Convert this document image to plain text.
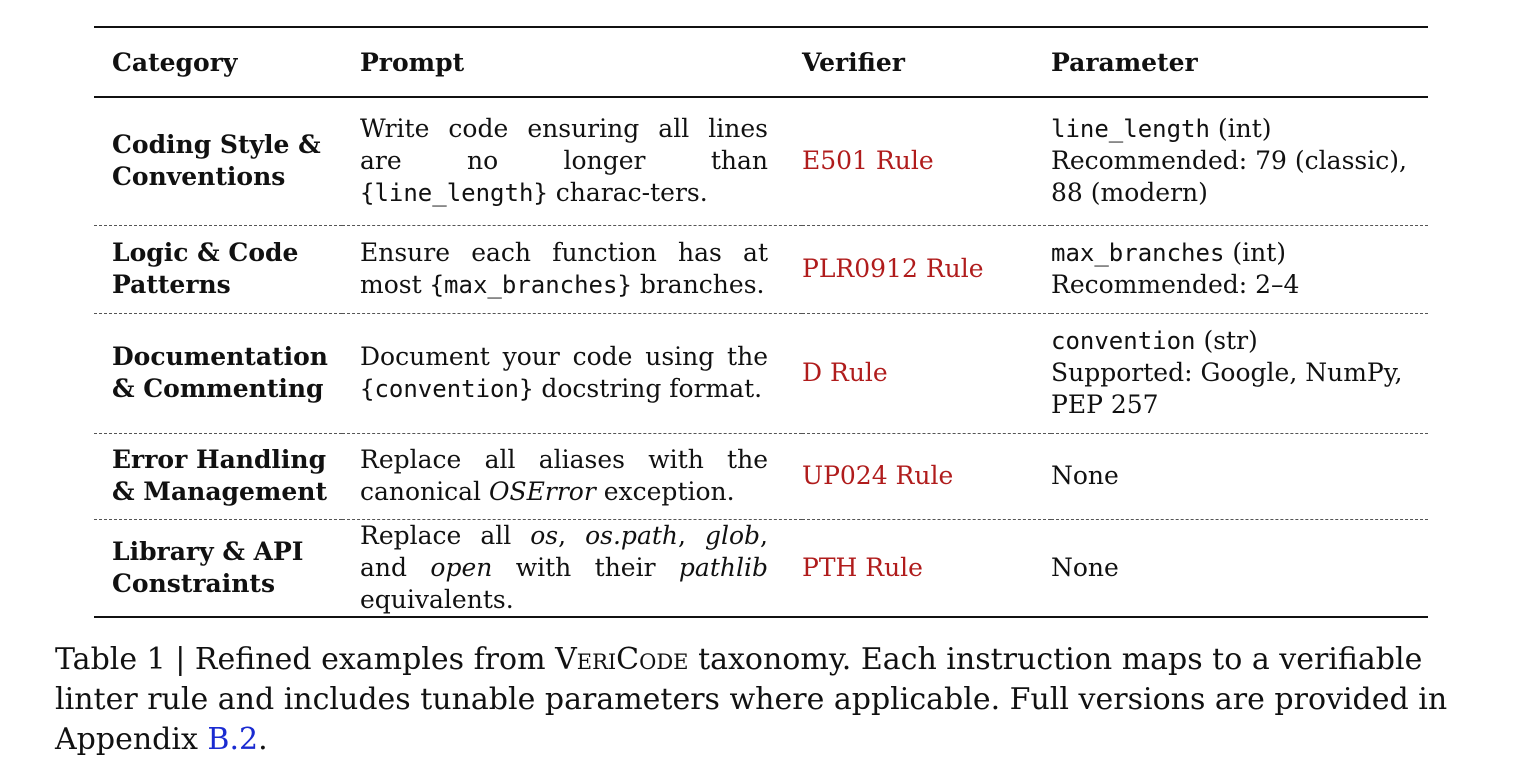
Category	Prompt	Verifier	Parameter
Coding Style & Conventions	Write code ensuring all lines are no longer than {line_length} charac-ters.	E501 Rule	line_length (int)
Recommended: 79 (classic), 88 (modern)
Logic & Code Patterns	Ensure each function has at most {max_branches} branches.	PLR0912 Rule	max_branches (int)
Recommended: 2–4
Documentation & Commenting	Document your code using the {convention} docstring format.	D Rule	convention (str)
Supported: Google, NumPy, PEP 257
Error Handling & Management	Replace all aliases with the canonical OSError exception.	UP024 Rule	None
Library & API Constraints	Replace all os, os.path, glob, and open with their pathlib equivalents.	PTH Rule	None
Table 1 | Refined examples from VeriCode taxonomy. Each instruction maps to a verifiable linter rule and includes tunable parameters where applicable. Full versions are provided in Appendix B.2.
